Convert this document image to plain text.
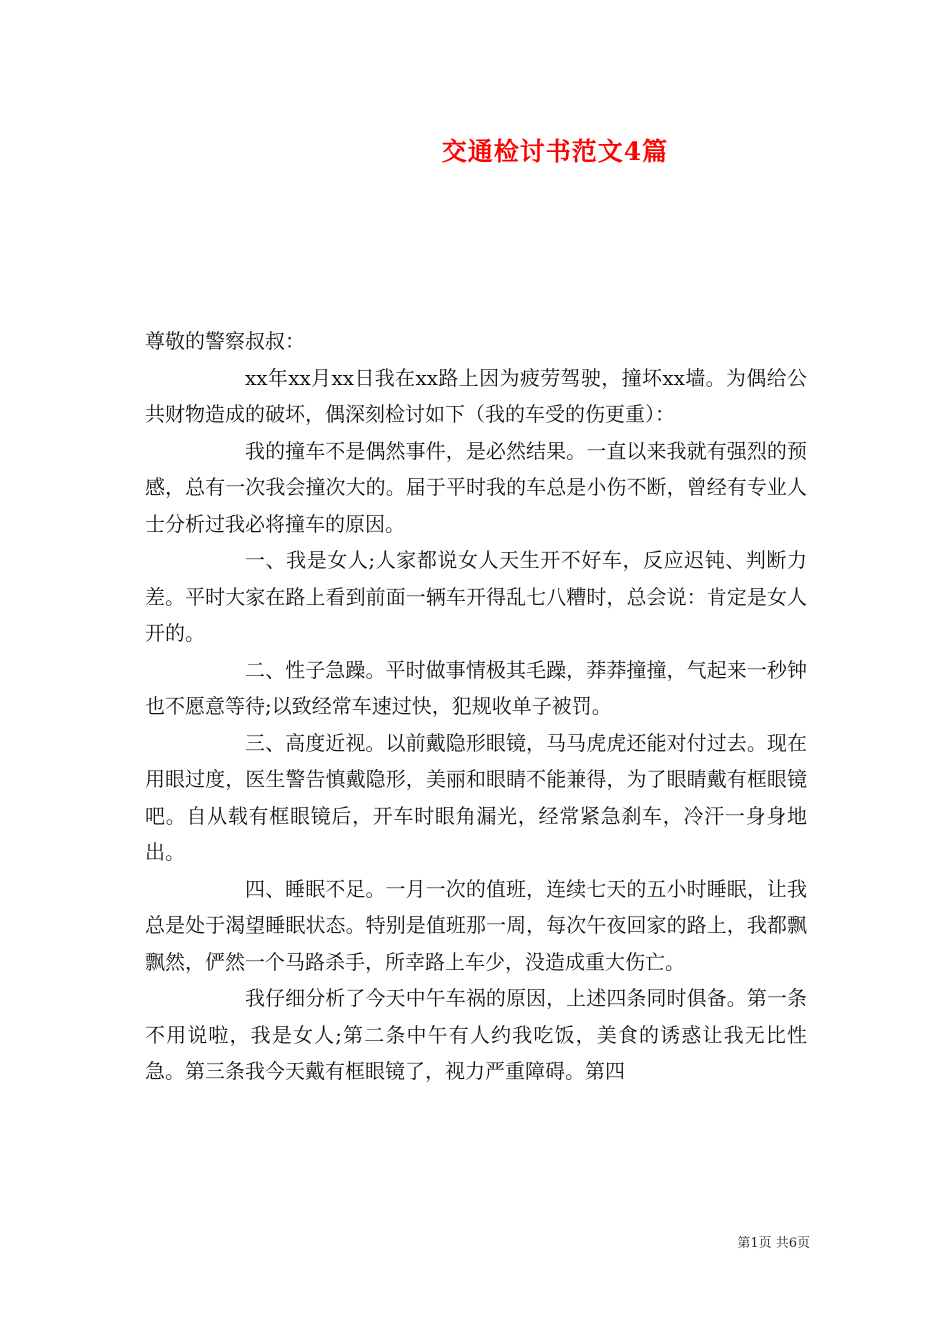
交通检讨书范文4篇

尊敬的警察叔叔：

xx年xx月xx日我在xx路上因为疲劳驾驶，撞坏xx墙。为偶给公共财物造成的破坏，偶深刻检讨如下（我的车受的伤更重）：

我的撞车不是偶然事件，是必然结果。一直以来我就有强烈的预感，总有一次我会撞次大的。届于平时我的车总是小伤不断，曾经有专业人士分析过我必将撞车的原因。

一、我是女人;人家都说女人天生开不好车，反应迟钝、判断力差。平时大家在路上看到前面一辆车开得乱七八糟时，总会说：肯定是女人开的。

二、性子急躁。平时做事情极其毛躁，莽莽撞撞，气起来一秒钟也不愿意等待;以致经常车速过快，犯规收单子被罚。

三、高度近视。以前戴隐形眼镜，马马虎虎还能对付过去。现在用眼过度，医生警告慎戴隐形，美丽和眼睛不能兼得，为了眼睛戴有框眼镜吧。自从载有框眼镜后，开车时眼角漏光，经常紧急刹车，冷汗一身身地出。

四、睡眠不足。一月一次的值班，连续七天的五小时睡眠，让我总是处于渴望睡眠状态。特别是值班那一周，每次午夜回家的路上，我都飘飘然，俨然一个马路杀手，所幸路上车少，没造成重大伤亡。

我仔细分析了今天中午车祸的原因，上述四条同时俱备。第一条不用说啦，我是女人;第二条中午有人约我吃饭，美食的诱惑让我无比性急。第三条我今天戴有框眼镜了，视力严重障碍。第四

第1页 共6页
